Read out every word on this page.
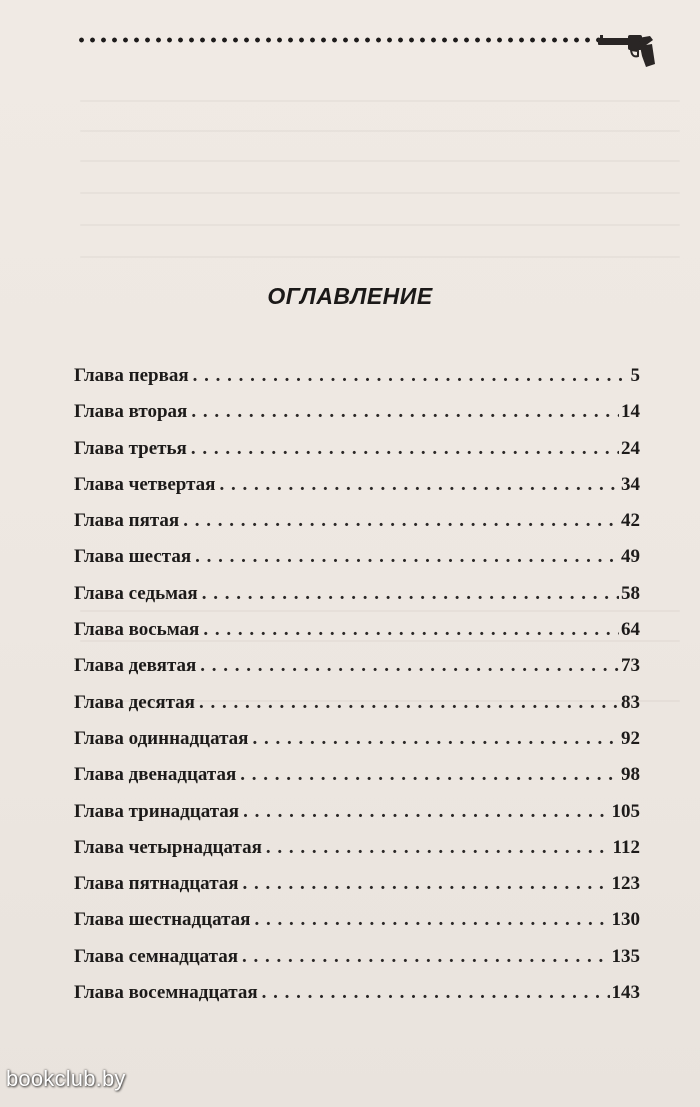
ОГЛАВЛЕНИЕ
Глава первая . . .	5
Глава вторая . . .	14
Глава третья . . .	24
Глава четвертая . . .	34
Глава пятая . . .	42
Глава шестая . . .	49
Глава седьмая . . .	58
Глава восьмая . . .	64
Глава девятая . . .	73
Глава десятая . . .	83
Глава одиннадцатая . . .	92
Глава двенадцатая . . .	98
Глава тринадцатая . . .	105
Глава четырнадцатая . . .	112
Глава пятнадцатая . . .	123
Глава шестнадцатая . . .	130
Глава семнадцатая . . .	135
Глава восемнадцатая . . .	143
bookclub.by
